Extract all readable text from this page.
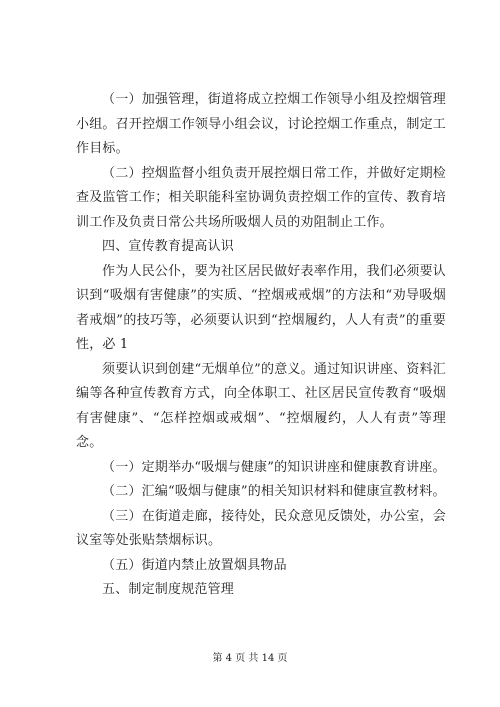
（一）加强管理，街道将成立控烟工作领导小组及控烟管理小组。召开控烟工作领导小组会议，讨论控烟工作重点，制定工作目标。

（二）控烟监督小组负责开展控烟日常工作，并做好定期检查及监管工作；相关职能科室协调负责控烟工作的宣传、教育培训工作及负责日常公共场所吸烟人员的劝阻制止工作。

四、宣传教育提高认识

作为人民公仆，要为社区居民做好表率作用，我们必须要认识到“吸烟有害健康”的实质、“控烟戒戒烟”的方法和“劝导吸烟者戒烟”的技巧等，必须要认识到“控烟履约，人人有责”的重要性，必 1

须要认识到创建“无烟单位”的意义。通过知识讲座、资料汇编等各种宣传教育方式，向全体职工、社区居民宣传教育“吸烟有害健康”、“怎样控烟或戒烟”、“控烟履约，人人有责”等理念。

（一）定期举办“吸烟与健康”的知识讲座和健康教育讲座。

（二）汇编“吸烟与健康”的相关知识材料和健康宣教材料。

（三）在街道走廊，接待处，民众意见反馈处，办公室，会议室等处张贴禁烟标识。

（五）街道内禁止放置烟具物品

五、制定制度规范管理

第 4 页 共 14 页
